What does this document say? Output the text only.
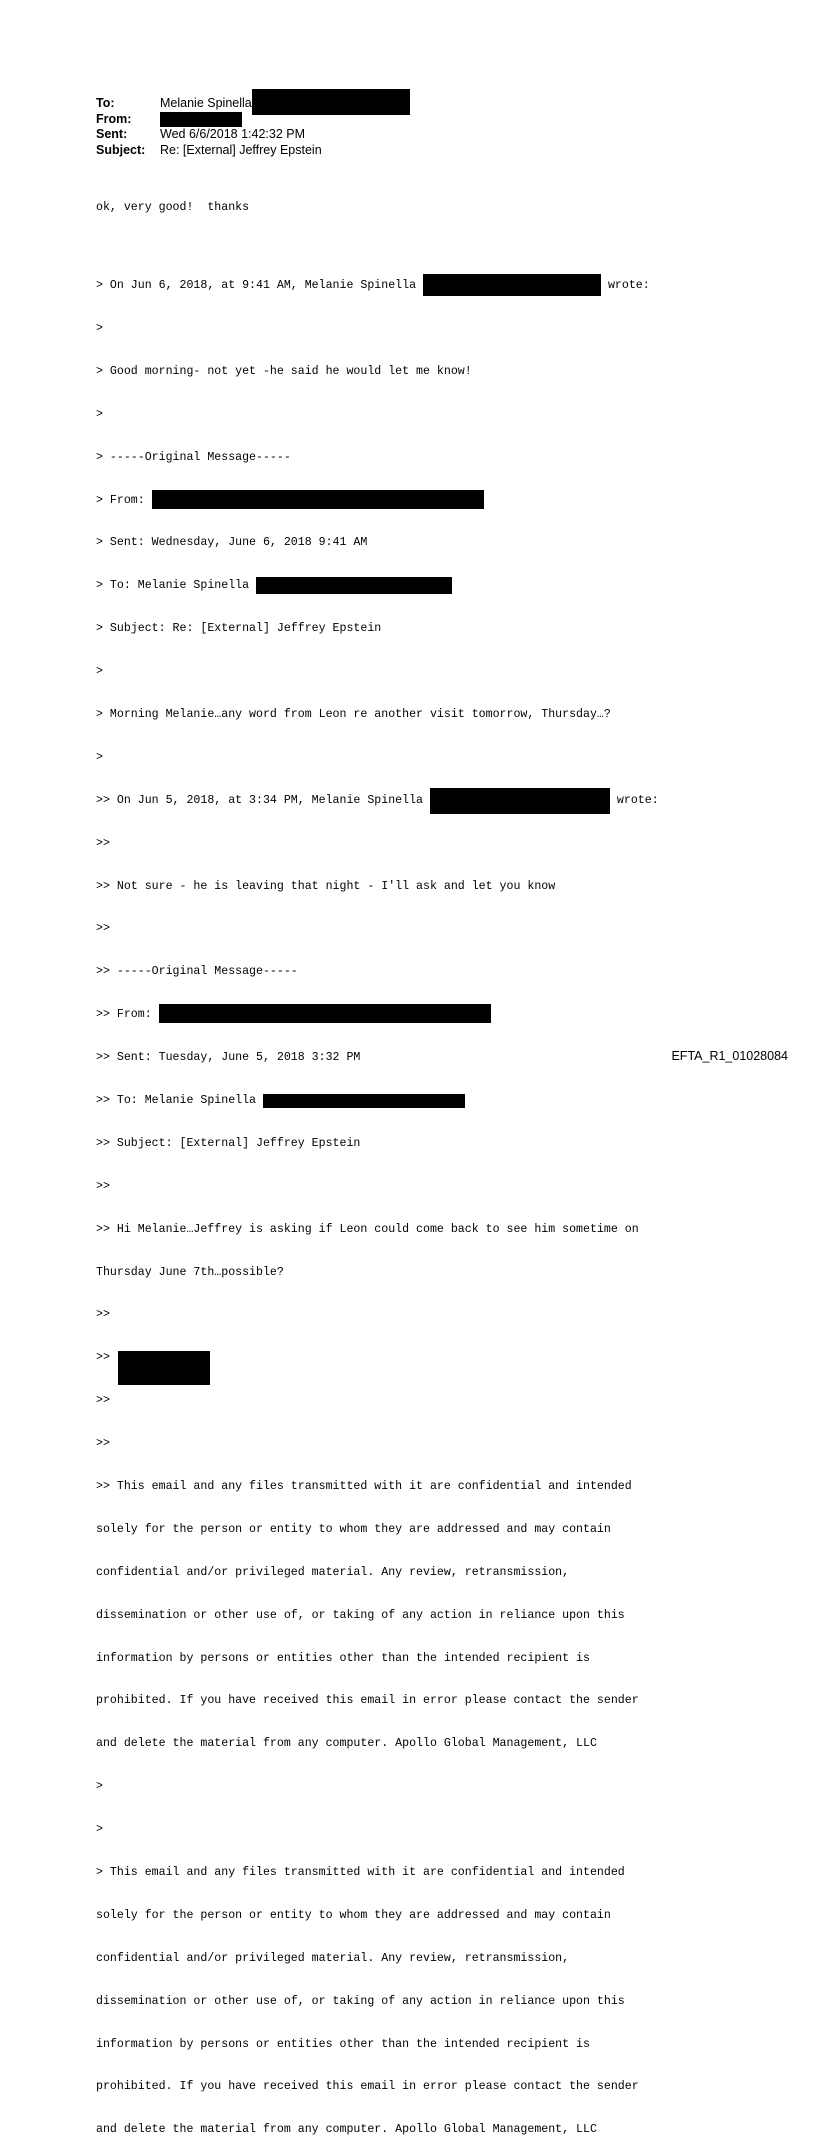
To:	Melanie Spinella
From:
Sent:	Wed 6/6/2018 1:42:32 PM
Subject:	Re: [External] Jeffrey Epstein

ok, very good!  thanks

> On Jun 6, 2018, at 9:41 AM, Melanie Spinella	wrote:

>

> Good morning- not yet -he said he would let me know!

>

> -----Original Message-----

> From:

> Sent: Wednesday, June 6, 2018 9:41 AM

> To: Melanie Spinella

> Subject: Re: [External] Jeffrey Epstein

>

> Morning Melanie…any word from Leon re another visit tomorrow, Thursday…?

>

>> On Jun 5, 2018, at 3:34 PM, Melanie Spinella	wrote:

>>

>> Not sure - he is leaving that night - I'll ask and let you know

>>

>> -----Original Message-----

>> From:

>> Sent: Tuesday, June 5, 2018 3:32 PM

>> To: Melanie Spinella

>> Subject: [External] Jeffrey Epstein

>>

>> Hi Melanie…Jeffrey is asking if Leon could come back to see him sometime on

Thursday June 7th…possible?

>>

>>

>>

>>

>> This email and any files transmitted with it are confidential and intended

solely for the person or entity to whom they are addressed and may contain

confidential and/or privileged material. Any review, retransmission,

dissemination or other use of, or taking of any action in reliance upon this

information by persons or entities other than the intended recipient is

prohibited. If you have received this email in error please contact the sender

and delete the material from any computer. Apollo Global Management, LLC

>

>

> This email and any files transmitted with it are confidential and intended

solely for the person or entity to whom they are addressed and may contain

confidential and/or privileged material. Any review, retransmission,

dissemination or other use of, or taking of any action in reliance upon this

information by persons or entities other than the intended recipient is

prohibited. If you have received this email in error please contact the sender

and delete the material from any computer. Apollo Global Management, LLC

EFTA_R1_01028084
